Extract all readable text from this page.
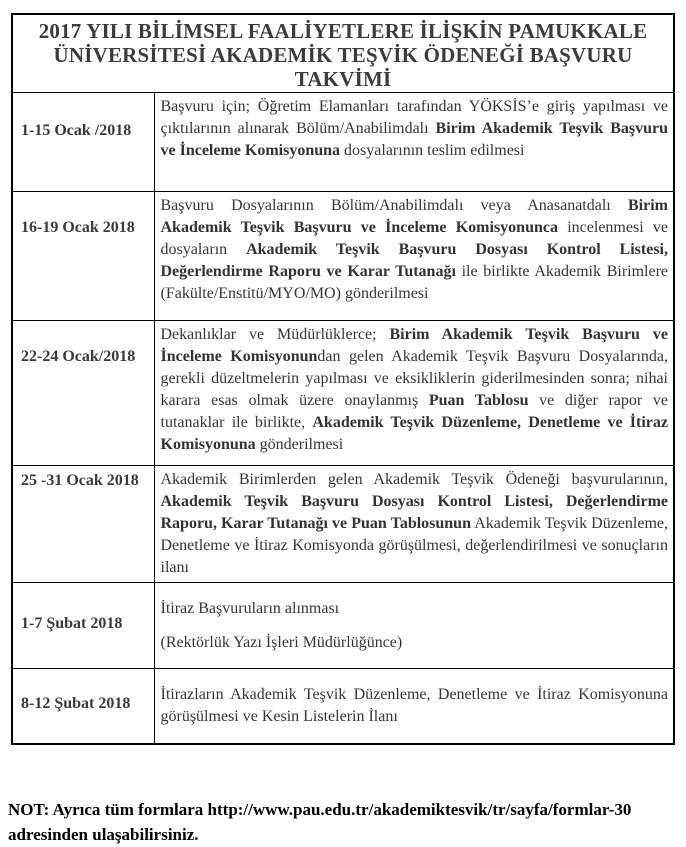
2017 YILI BİLİMSEL FAALİYETLERE İLİŞKİN PAMUKKALE ÜNİVERSİTESİ AKADEMİK TEŞVİK ÖDENEĞİ BAŞVURU TAKVİMİ	

1-15 Ocak /2018	Başvuru için; Öğretim Elamanları tarafından YÖKSİS’e giriş yapılması ve çıktılarının alınarak Bölüm/Anabilimdalı Birim Akademik Teşvik Başvuru ve İnceleme Komisyonuna dosyalarının teslim edilmesi

16-19 Ocak 2018	Başvuru Dosyalarının Bölüm/Anabilimdalı veya Anasanatdalı Birim Akademik Teşvik Başvuru ve İnceleme Komisyonunca incelenmesi ve dosyaların Akademik Teşvik Başvuru Dosyası Kontrol Listesi, Değerlendirme Raporu ve Karar Tutanağı ile birlikte Akademik Birimlere (Fakülte/Enstitü/MYO/MO) gönderilmesi

22-24 Ocak/2018	Dekanlıklar ve Müdürlüklerce; Birim Akademik Teşvik Başvuru ve İnceleme Komisyonundan gelen Akademik Teşvik Başvuru Dosyalarında, gerekli düzeltmelerin yapılması ve eksikliklerin giderilmesinden sonra; nihai karara esas olmak üzere onaylanmış Puan Tablosu ve diğer rapor ve tutanaklar ile birlikte, Akademik Teşvik Düzenleme, Denetleme ve İtiraz Komisyonuna gönderilmesi

25 -31 Ocak 2018	Akademik Birimlerden gelen Akademik Teşvik Ödeneği başvurularının, Akademik Teşvik Başvuru Dosyası Kontrol Listesi, Değerlendirme Raporu, Karar Tutanağı ve Puan Tablosunun Akademik Teşvik Düzenleme, Denetleme ve İtiraz Komisyonda görüşülmesi, değerlendirilmesi ve sonuçların ilanı

1-7 Şubat 2018	İtiraz Başvuruların alınması

(Rektörlük Yazı İşleri Müdürlüğünce)

8-12 Şubat 2018	İtirazların Akademik Teşvik Düzenleme, Denetleme ve İtiraz Komisyonuna görüşülmesi ve Kesin Listelerin İlanı

NOT: Ayrıca tüm formlara http://www.pau.edu.tr/akademiktesvik/tr/sayfa/formlar-30 adresinden ulaşabilirsiniz.
